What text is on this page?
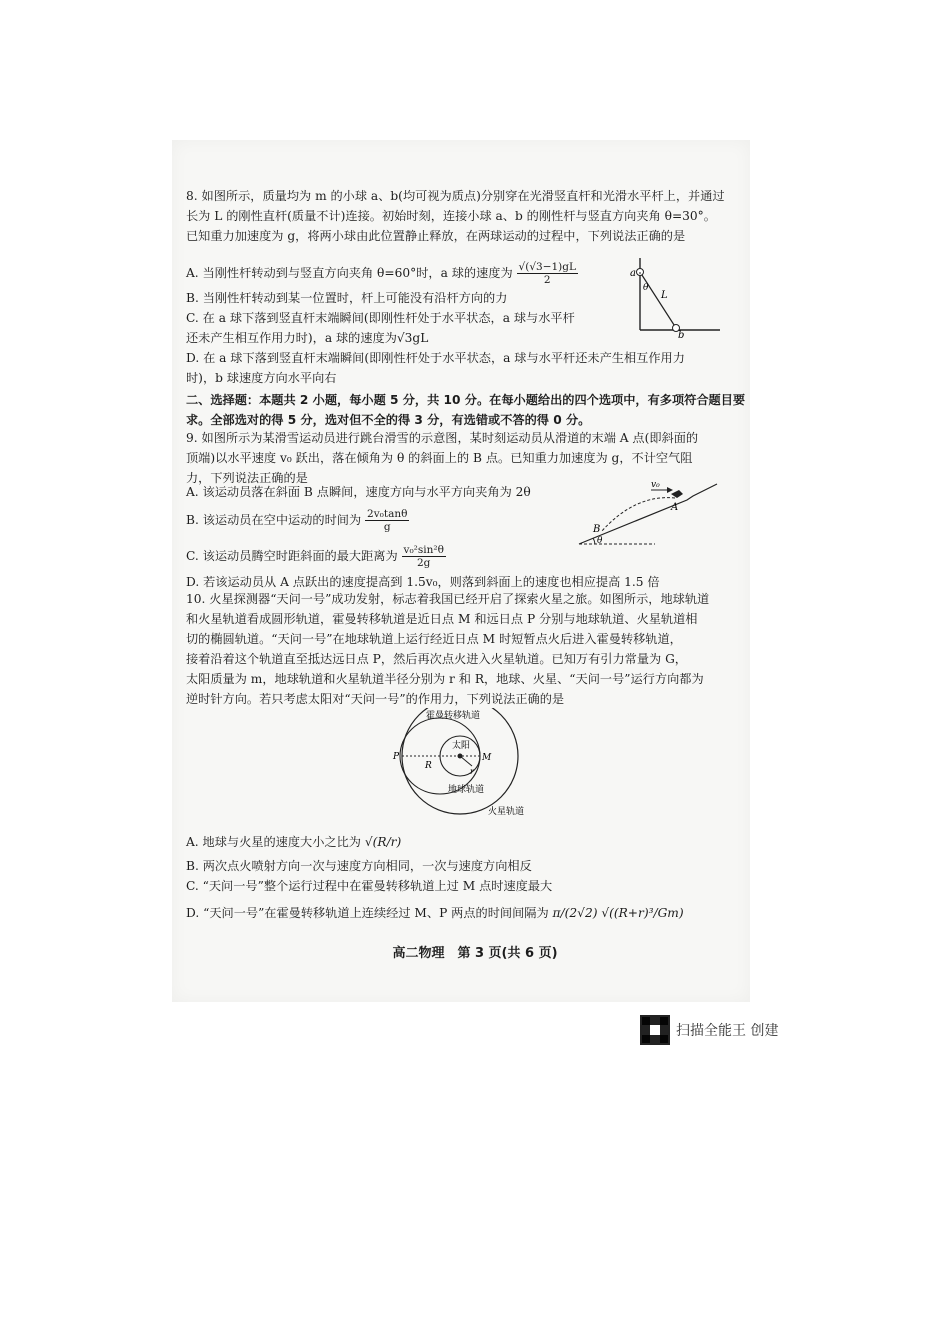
8. 如图所示，质量均为 m 的小球 a、b(均可视为质点)分别穿在光滑竖直杆和光滑水平杆上，并通过
长为 L 的刚性直杆(质量不计)连接。初始时刻，连接小球 a、b 的刚性杆与竖直方向夹角 θ=30°。
已知重力加速度为 g，将两小球由此位置静止释放，在两球运动的过程中，下列说法正确的是
A. 当刚性杆转动到与竖直方向夹角 θ=60°时，a 球的速度为 $\frac{√(√3-1)gL}{2}$
B. 当刚性杆转动到某一位置时，杆上可能没有沿杆方向的力
C. 在 a 球下落到竖直杆末端瞬间(即刚性杆处于水平状态，a 球与水平杆
还未产生相互作用力时)，a 球的速度为√3gL
D. 在 a 球下落到竖直杆末端瞬间(即刚性杆处于水平状态，a 球与水平杆还未产生相互作用力
时)，b 球速度方向水平向右
a
b
θ
L
二、选择题：本题共 2 小题，每小题 5 分，共 10 分。在每小题给出的四个选项中，有多项符合题目要
求。全部选对的得 5 分，选对但不全的得 3 分，有选错或不答的得 0 分。
9. 如图所示为某滑雪运动员进行跳台滑雪的示意图，某时刻运动员从滑道的末端 A 点(即斜面的
顶端)以水平速度 v₀ 跃出，落在倾角为 θ 的斜面上的 B 点。已知重力加速度为 g，不计空气阻
力，下列说法正确的是
A. 该运动员落在斜面 B 点瞬间，速度方向与水平方向夹角为 2θ
B. 该运动员在空中运动的时间为 $\frac{\text{2v₀tanθ}}{g}$
C. 该运动员腾空时距斜面的最大距离为 $\frac{\text{v₀²sin²θ}}{2g}$
D. 若该运动员从 A 点跃出的速度提高到 1.5v₀，则落到斜面上的速度也相应提高 1.5 倍
v₀
A
B
θ
10. 火星探测器“天问一号”成功发射，标志着我国已经开启了探索火星之旅。如图所示，地球轨道
和火星轨道看成圆形轨道，霍曼转移轨道是近日点 M 和远日点 P 分别与地球轨道、火星轨道相
切的椭圆轨道。“天问一号”在地球轨道上运行经近日点 M 时短暂点火后进入霍曼转移轨道，
接着沿着这个轨道直至抵达远日点 P，然后再次点火进入火星轨道。已知万有引力常量为 G，
太阳质量为 m，地球轨道和火星轨道半径分别为 r 和 R，地球、火星、“天问一号”运行方向都为
逆时针方向。若只考虑太阳对“天问一号”的作用力，下列说法正确的是
霍曼转移轨道
太阳
P	M
R
r
地球轨道
火星轨道
A. 地球与火星的速度大小之比为 √(R/r)
B. 两次点火喷射方向一次与速度方向相同，一次与速度方向相反
C. “天问一号”整个运行过程中在霍曼转移轨道上过 M 点时速度最大
D. “天问一号”在霍曼转移轨道上连续经过 M、P 两点的时间间隔为 π/(2√2) √((R+r)³/Gm)
高二物理　第 3 页(共 6 页)
扫描全能王 创建
